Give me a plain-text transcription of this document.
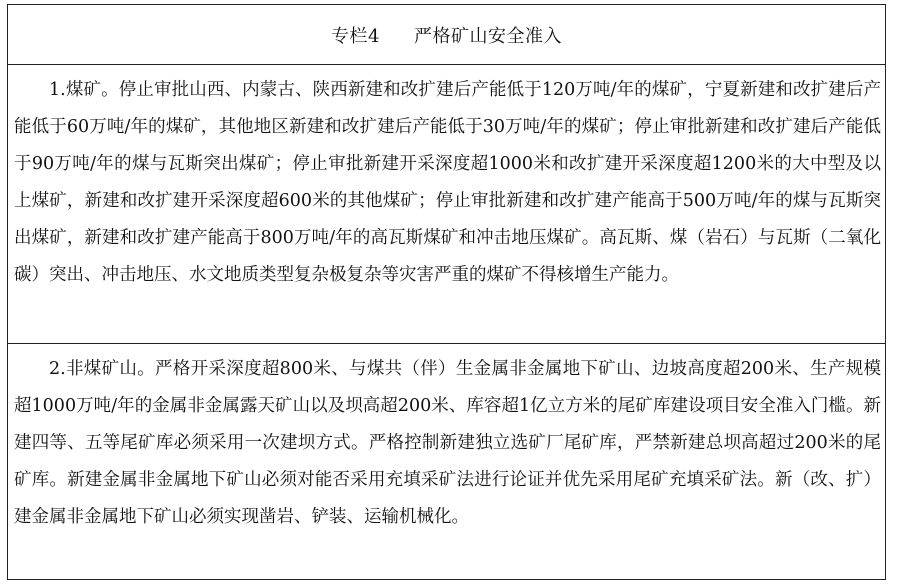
专栏4 严格矿山安全准入
1.煤矿。停止审批山西、内蒙古、陕西新建和改扩建后产能低于120万吨/年的煤矿，宁夏新建和改扩建后产能低于60万吨/年的煤矿，其他地区新建和改扩建后产能低于30万吨/年的煤矿；停止审批新建和改扩建后产能低于90万吨/年的煤与瓦斯突出煤矿；停止审批新建开采深度超1000米和改扩建开采深度超1200米的大中型及以上煤矿，新建和改扩建开采深度超600米的其他煤矿；停止审批新建和改扩建产能高于500万吨/年的煤与瓦斯突出煤矿，新建和改扩建产能高于800万吨/年的高瓦斯煤矿和冲击地压煤矿。高瓦斯、煤（岩石）与瓦斯（二氧化碳）突出、冲击地压、水文地质类型复杂极复杂等灾害严重的煤矿不得核增生产能力。
2.非煤矿山。严格开采深度超800米、与煤共（伴）生金属非金属地下矿山、边坡高度超200米、生产规模超1000万吨/年的金属非金属露天矿山以及坝高超200米、库容超1亿立方米的尾矿库建设项目安全准入门槛。新建四等、五等尾矿库必须采用一次建坝方式。严格控制新建独立选矿厂尾矿库，严禁新建总坝高超过200米的尾矿库。新建金属非金属地下矿山必须对能否采用充填采矿法进行论证并优先采用尾矿充填采矿法。新（改、扩）建金属非金属地下矿山必须实现凿岩、铲装、运输机械化。
